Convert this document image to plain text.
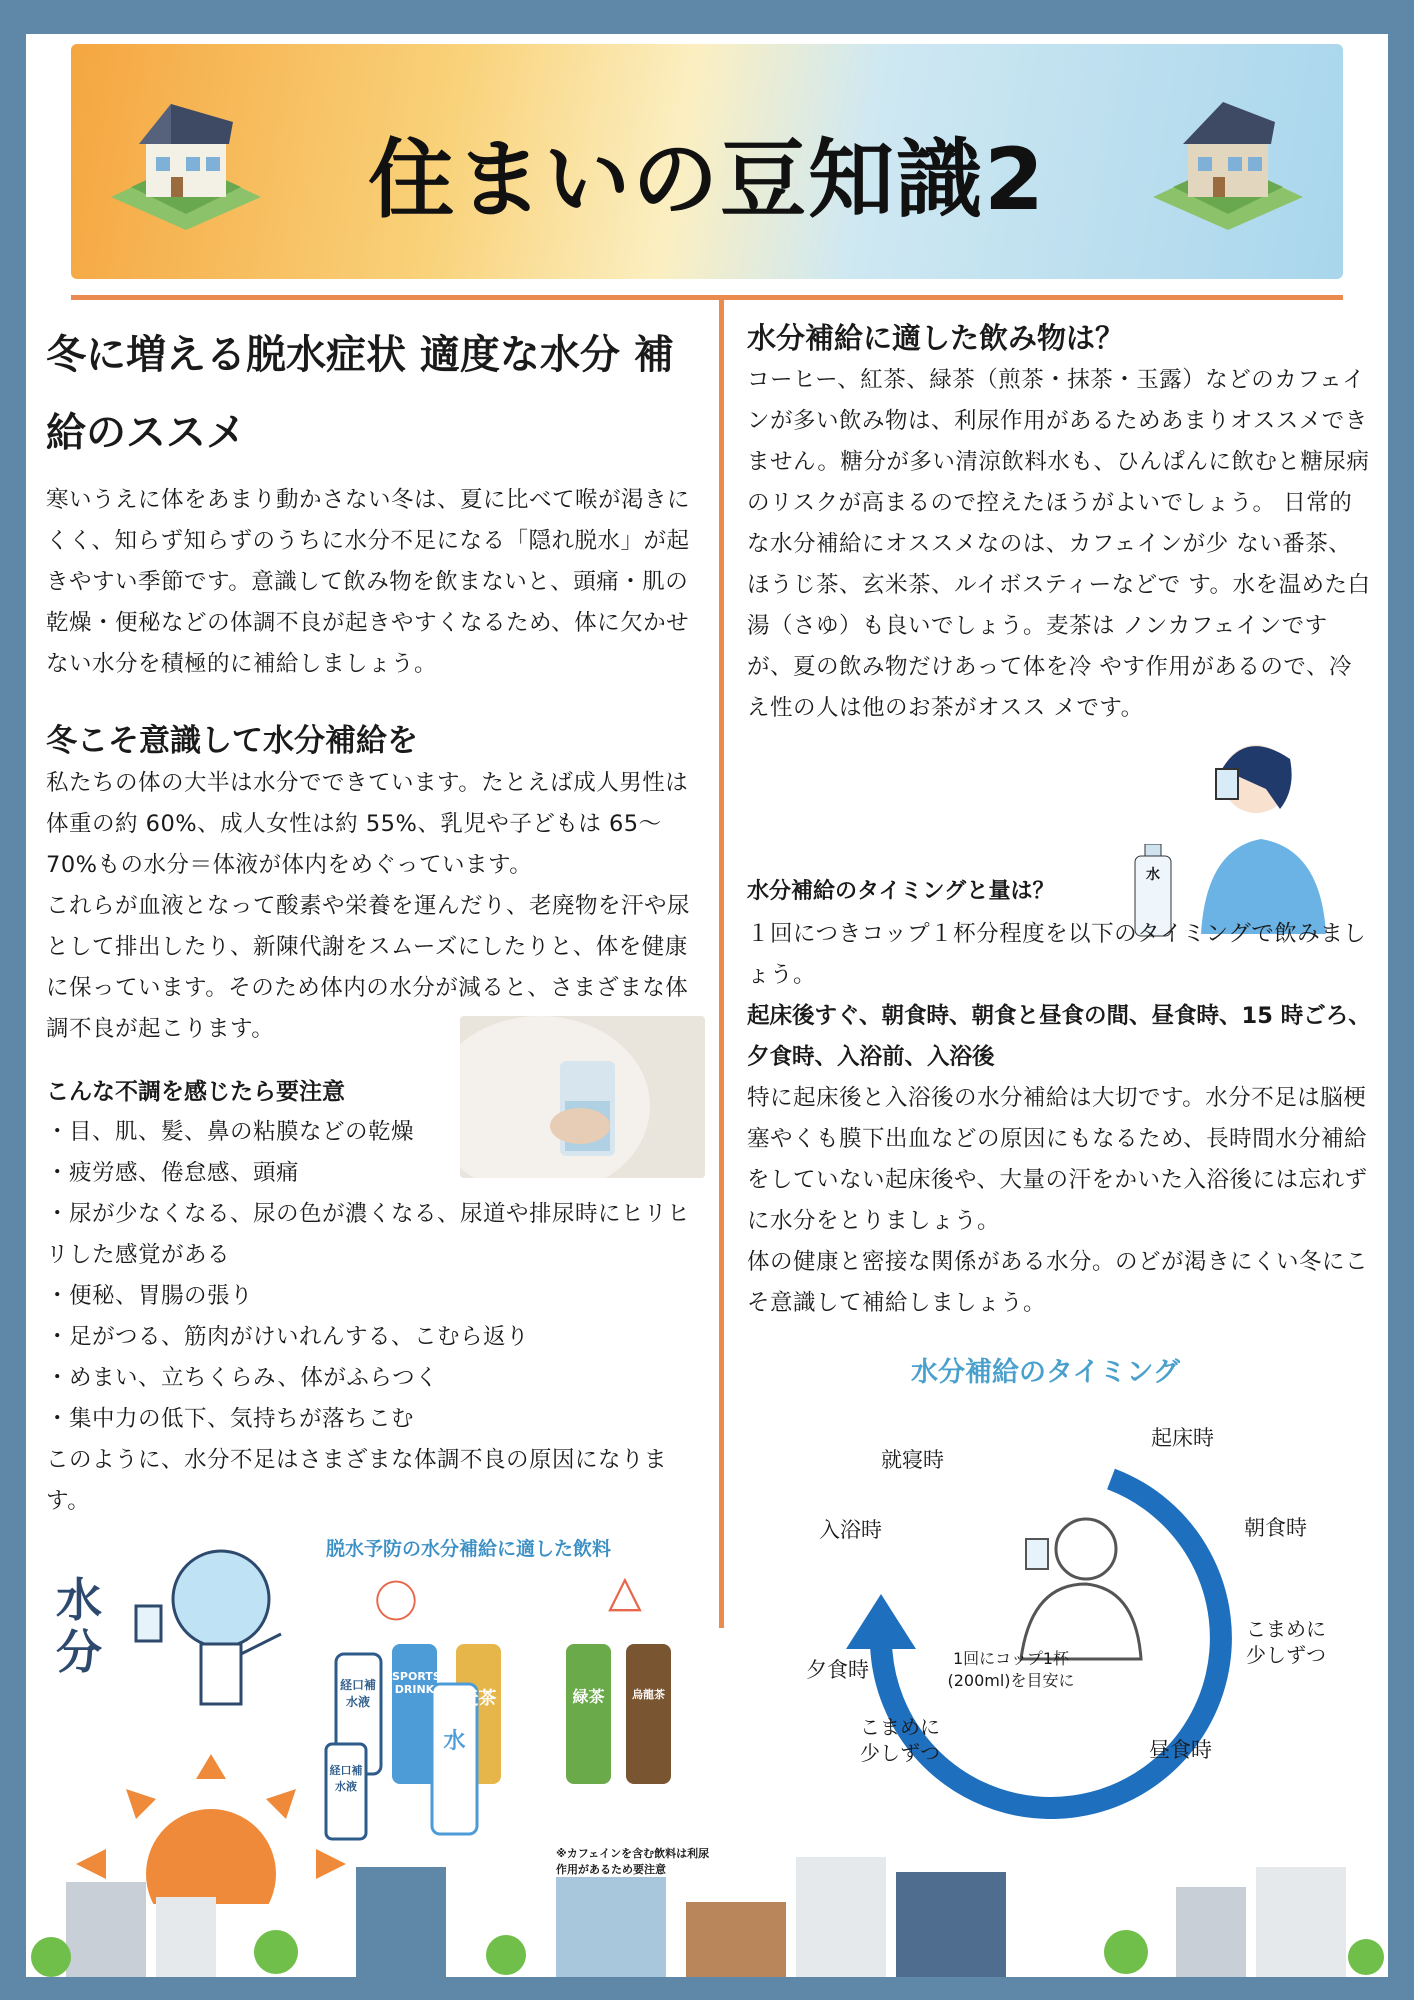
住まいの豆知識2
冬に増える脱水症状 適度な水分 補給のススメ
寒いうえに体をあまり動かさない冬は、夏に比べて喉が渇きにくく、知らず知らずのうちに水分不足になる「隠れ脱水」が起きやすい季節です。意識して飲み物を飲まないと、頭痛・肌の乾燥・便秘などの体調不良が起きやすくなるため、体に欠かせない水分を積極的に補給しましょう。
冬こそ意識して水分補給を
私たちの体の大半は水分でできています。たとえば成人男性は体重の約 60%、成人女性は約 55%、乳児や子どもは 65〜70%もの水分＝体液が体内をめぐっています。
これらが血液となって酸素や栄養を運んだり、老廃物を汗や尿として排出したり、新陳代謝をスムーズにしたりと、体を健康に保っています。そのため体内の水分が減ると、さまざまな体調不良が起こります。
こんな不調を感じたら要注意
・目、肌、髪、鼻の粘膜などの乾燥
・疲労感、倦怠感、頭痛
・尿が少なくなる、尿の色が濃くなる、尿道や排尿時にヒリヒリした感覚がある
・便秘、胃腸の張り
・足がつる、筋肉がけいれんする、こむら返り
・めまい、立ちくらみ、体がふらつく
・集中力の低下、気持ちが落ちこむ
このように、水分不足はさまざまな体調不良の原因になります。
脱水予防の水分補給に適した飲料
〇	△
経口補水液
SPORTS DRINK 麦茶
水
経口補水液
緑茶	烏龍茶
※カフェインを含む飲料は利尿作用があるため要注意
水分
水分補給に適した飲み物は？
コーヒー、紅茶、緑茶（煎茶・抹茶・玉露）などのカフェインが多い飲み物は、利尿作用があるためあまりオススメできません。糖分が多い清涼飲料水も、ひんぱんに飲むと糖尿病のリスクが高まるので控えたほうがよいでしょう。 日常的な水分補給にオススメなのは、カフェインが少 ない番茶、ほうじ茶、玄米茶、ルイボスティーなどで す。水を温めた白湯（さゆ）も良いでしょう。麦茶は ノンカフェインですが、夏の飲み物だけあって体を冷 やす作用があるので、冷え性の人は他のお茶がオスス メです。
水
水分補給のタイミングと量は？
１回につきコップ１杯分程度を以下のタイミングで飲みましょう。
起床後すぐ、朝食時、朝食と昼食の間、昼食時、15 時ごろ、夕食時、入浴前、入浴後
特に起床後と入浴後の水分補給は大切です。水分不足は脳梗塞やくも膜下出血などの原因にもなるため、長時間水分補給をしていない起床後や、大量の汗をかいた入浴後には忘れずに水分をとりましょう。
体の健康と密接な関係がある水分。のどが渇きにくい冬にこそ意識して補給しましょう。
水分補給のタイミング
1回にコップ1杯
(200ml)を目安に
起床時
朝食時
こまめに
少しずつ
昼食時
こまめに
少しずつ
夕食時
入浴時
就寝時
